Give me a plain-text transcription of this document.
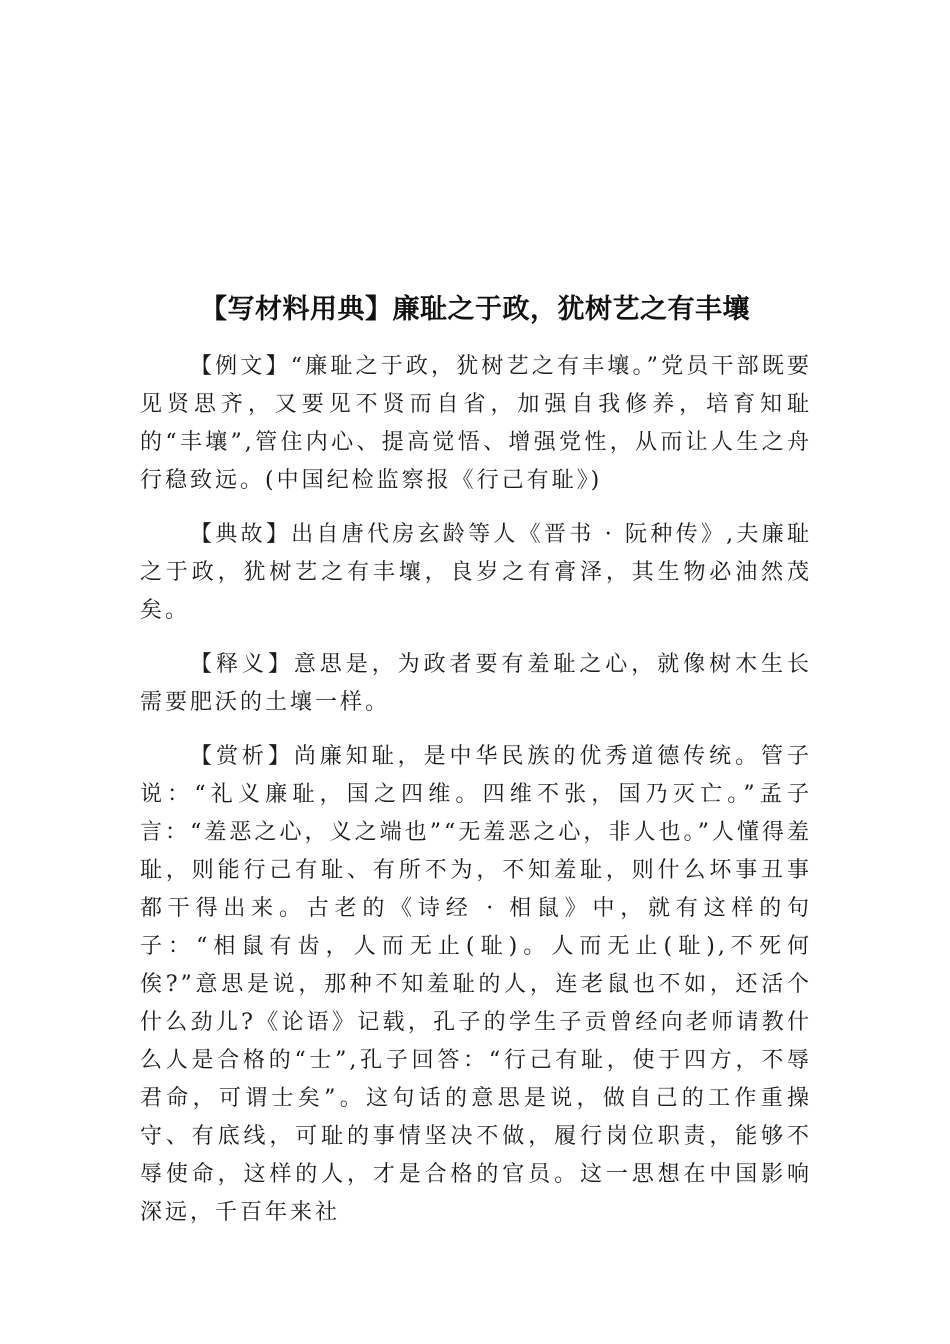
【写材料用典】廉耻之于政，犹树艺之有丰壤

【例文】“廉耻之于政，犹树艺之有丰壤。”党员干部既要见贤思齐，又要见不贤而自省，加强自我修养，培育知耻的“丰壤”,管住内心、提高觉悟、增强党性，从而让人生之舟行稳致远。(中国纪检监察报《行己有耻》)

【典故】出自唐代房玄龄等人《晋书 · 阮种传》,夫廉耻之于政，犹树艺之有丰壤，良岁之有膏泽，其生物必油然茂矣。

【释义】意思是，为政者要有羞耻之心，就像树木生长需要肥沃的土壤一样。

【赏析】尚廉知耻，是中华民族的优秀道德传统。管子说：“礼义廉耻，国之四维。四维不张，国乃灭亡。”孟子言：“羞恶之心，义之端也”“无羞恶之心，非人也。”人懂得羞耻，则能行己有耻、有所不为，不知羞耻，则什么坏事丑事都干得出来。古老的《诗经 · 相鼠》中，就有这样的句子：“相鼠有齿，人而无止(耻)。人而无止(耻),不死何俟?”意思是说，那种不知羞耻的人，连老鼠也不如，还活个什么劲儿?《论语》记载，孔子的学生子贡曾经向老师请教什么人是合格的“士”,孔子回答：“行己有耻，使于四方，不辱君命，可谓士矣”。这句话的意思是说，做自己的工作重操守、有底线，可耻的事情坚决不做，履行岗位职责，能够不辱使命，这样的人，才是合格的官员。这一思想在中国影响深远，千百年来社
